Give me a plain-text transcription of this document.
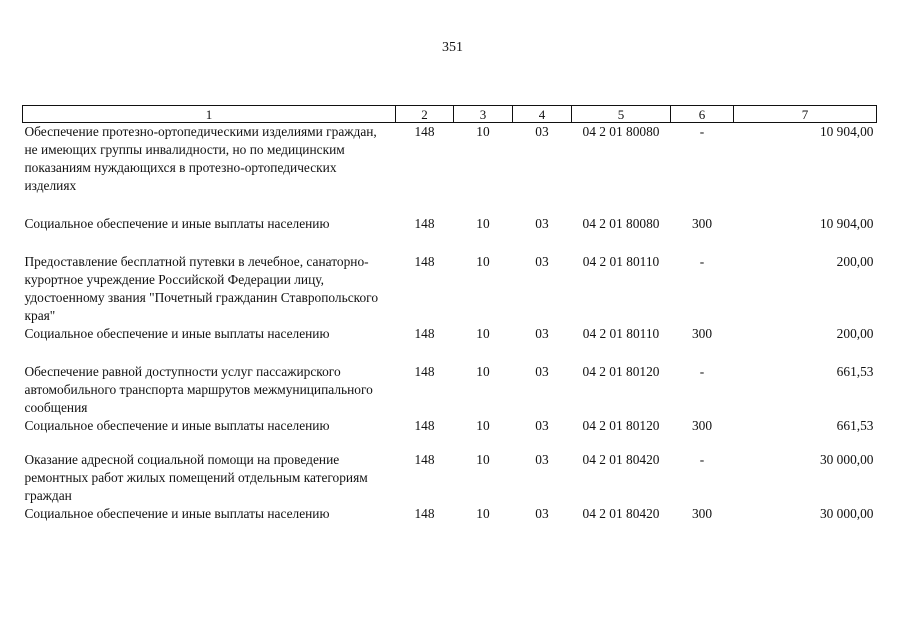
351
1	2	3	4	5	6	7
Обеспечение протезно-ортопедическими изделиями граждан, не имеющих группы инвалидности, но по медицинским показаниям нуждающихся в протезно-ортопедических изделиях	148	10	03	04 2 01 80080	-	10 904,00

Социальное обеспечение и иные выплаты населению	148	10	03	04 2 01 80080	300	10 904,00

Предоставление бесплатной путевки в лечебное, санаторно-курортное учреждение Российской Федерации лицу, удостоенному звания "Почетный гражданин Ставропольского края"	148	10	03	04 2 01 80110	-	200,00
Социальное обеспечение и иные выплаты населению	148	10	03	04 2 01 80110	300	200,00

Обеспечение равной доступности услуг пассажирского автомобильного транспорта маршрутов межмуниципального сообщения	148	10	03	04 2 01 80120	-	661,53
Социальное обеспечение и иные выплаты населению	148	10	03	04 2 01 80120	300	661,53

Оказание адресной социальной помощи на проведение ремонтных работ жилых помещений отдельным категориям граждан	148	10	03	04 2 01 80420	-	30 000,00
Социальное обеспечение и иные выплаты населению	148	10	03	04 2 01 80420	300	30 000,00
